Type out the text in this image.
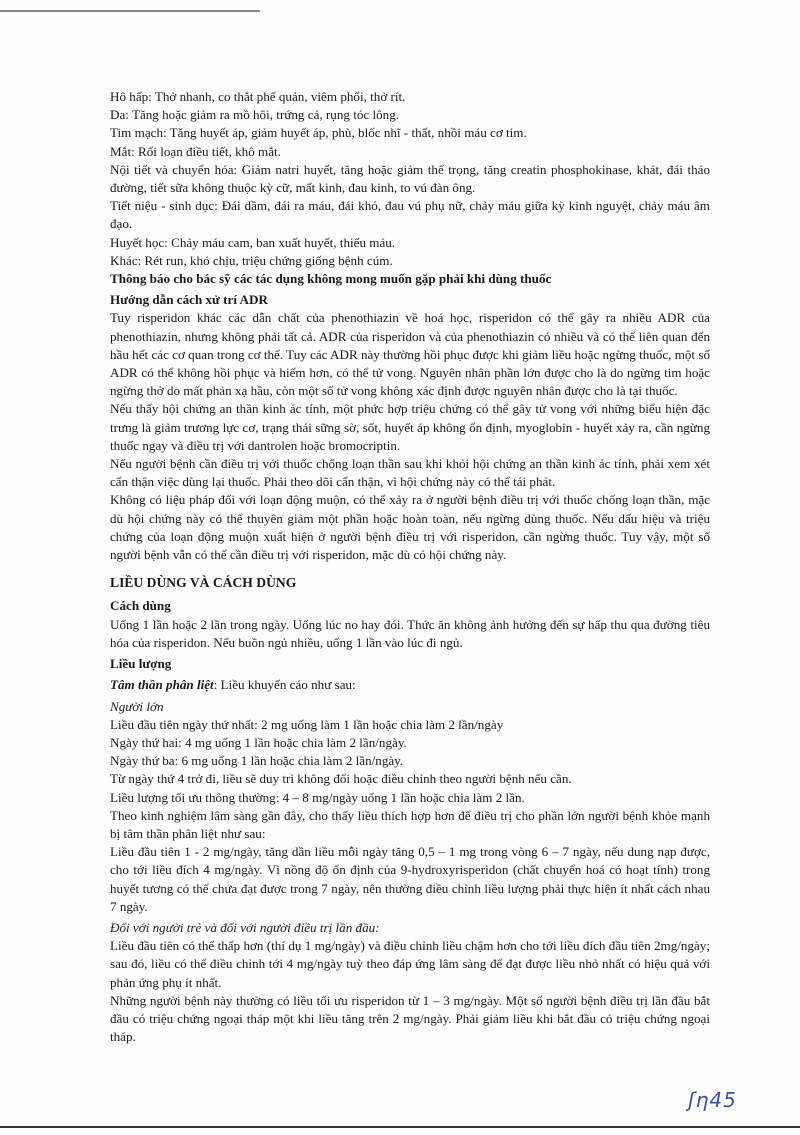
Hô hấp: Thở nhanh, co thắt phế quản, viêm phổi, thở rít.

Da: Tăng hoặc giảm ra mồ hôi, trứng cá, rụng tóc lông.

Tim mạch: Tăng huyết áp, giảm huyết áp, phù, blốc nhĩ - thất, nhồi máu cơ tim.

Mắt: Rối loạn điều tiết, khô mắt.

Nội tiết và chuyển hóa: Giảm natri huyết, tăng hoặc giảm thể trọng, tăng creatin phosphokinase, khát, đái tháo đường, tiết sữa không thuộc kỳ cữ, mất kinh, đau kinh, to vú đàn ông.

Tiết niệu - sinh dục: Đái dầm, đái ra máu, đái khó, đau vú phụ nữ, chảy máu giữa kỳ kinh nguyệt, chảy máu âm đạo.

Huyết học: Chảy máu cam, ban xuất huyết, thiếu máu.

Khác: Rét run, khó chịu, triệu chứng giống bệnh cúm.

Thông báo cho bác sỹ các tác dụng không mong muốn gặp phải khi dùng thuốc

Hướng dẫn cách xử trí ADR

Tuy risperidon khác các dẫn chất của phenothiazin về hoá học, risperidon có thể gây ra nhiều ADR của phenothiazin, nhưng không phải tất cả. ADR của risperidon và của phenothiazin có nhiều và có thể liên quan đến hầu hết các cơ quan trong cơ thể. Tuy các ADR này thường hồi phục được khi giảm liều hoặc ngừng thuốc, một số ADR có thể không hồi phục và hiếm hơn, có thể tử vong. Nguyên nhân phần lớn được cho là do ngừng tim hoặc ngừng thở do mất phản xạ hầu, còn một số tử vong không xác định được nguyên nhân được cho là tại thuốc.

Nếu thấy hội chứng an thần kinh ác tính, một phức hợp triệu chứng có thể gây tử vong với những biểu hiện đặc trưng là giảm trương lực cơ, trạng thái sững sờ, sốt, huyết áp không ổn định, myoglobin - huyết xảy ra, cần ngừng thuốc ngay và điều trị với dantrolen hoặc bromocriptin.

Nếu người bệnh cần điều trị với thuốc chống loạn thần sau khi khỏi hội chứng an thần kinh ác tính, phải xem xét cẩn thận việc dùng lại thuốc. Phải theo dõi cẩn thận, vì hội chứng này có thể tái phát.

Không có liệu pháp đối với loạn động muộn, có thể xảy ra ở người bệnh điều trị với thuốc chống loạn thần, mặc dù hội chứng này có thể thuyên giảm một phần hoặc hoàn toàn, nếu ngừng dùng thuốc. Nếu dấu hiệu và triệu chứng của loạn động muộn xuất hiện ở người bệnh điều trị với risperidon, cần ngừng thuốc. Tuy vậy, một số người bệnh vẫn có thể cần điều trị với risperidon, mặc dù có hội chứng này.

LIỀU DÙNG VÀ CÁCH DÙNG

Cách dùng

Uống 1 lần hoặc 2 lần trong ngày. Uống lúc no hay đói. Thức ăn không ảnh hưởng đến sự hấp thu qua đường tiêu hóa của risperidon. Nếu buồn ngủ nhiều, uống 1 lần vào lúc đi ngủ.

Liều lượng

Tâm thần phân liệt: Liều khuyến cáo như sau:

Người lớn

Liều đầu tiên ngày thứ nhất: 2 mg uống làm 1 lần hoặc chia làm 2 lần/ngày

Ngày thứ hai: 4 mg uống 1 lần hoặc chia làm 2 lần/ngày.

Ngày thứ ba: 6 mg uống 1 lần hoặc chia làm 2 lần/ngày.

Từ ngày thứ 4 trở đi, liều sẽ duy trì không đổi hoặc điều chỉnh theo người bệnh nếu cần.

Liều lượng tối ưu thông thường: 4 – 8 mg/ngày uống 1 lần hoặc chia làm 2 lần.

Theo kinh nghiệm lâm sàng gần đây, cho thấy liều thích hợp hơn để điều trị cho phần lớn người bệnh khỏe mạnh bị tâm thần phân liệt như sau:

Liều đầu tiên 1 - 2 mg/ngày, tăng dần liều mỗi ngày tăng 0,5 – 1 mg trong vòng 6 – 7 ngày, nếu dung nạp được, cho tới liều đích 4 mg/ngày. Vì nồng độ ổn định của 9-hydroxyrisperidon (chất chuyển hoá có hoạt tính) trong huyết tương có thể chưa đạt được trong 7 ngày, nên thường điều chỉnh liều lượng phải thực hiện ít nhất cách nhau 7 ngày.

Đối với người trẻ và đối với người điều trị lần đầu:

Liều đầu tiên có thể thấp hơn (thí dụ 1 mg/ngày) và điều chỉnh liều chậm hơn cho tới liều đích đầu tiên 2mg/ngày; sau đó, liều có thể điều chỉnh tới 4 mg/ngày tuỳ theo đáp ứng lâm sàng để đạt được liều nhỏ nhất có hiệu quả với phản ứng phụ ít nhất.

Những người bệnh này thường có liều tối ưu risperidon từ 1 – 3 mg/ngày. Một số người bệnh điều trị lần đầu bắt đầu có triệu chứng ngoại tháp một khi liều tăng trên 2 mg/ngày. Phải giảm liều khi bắt đầu có triệu chứng ngoại tháp.

ʃƞ45
